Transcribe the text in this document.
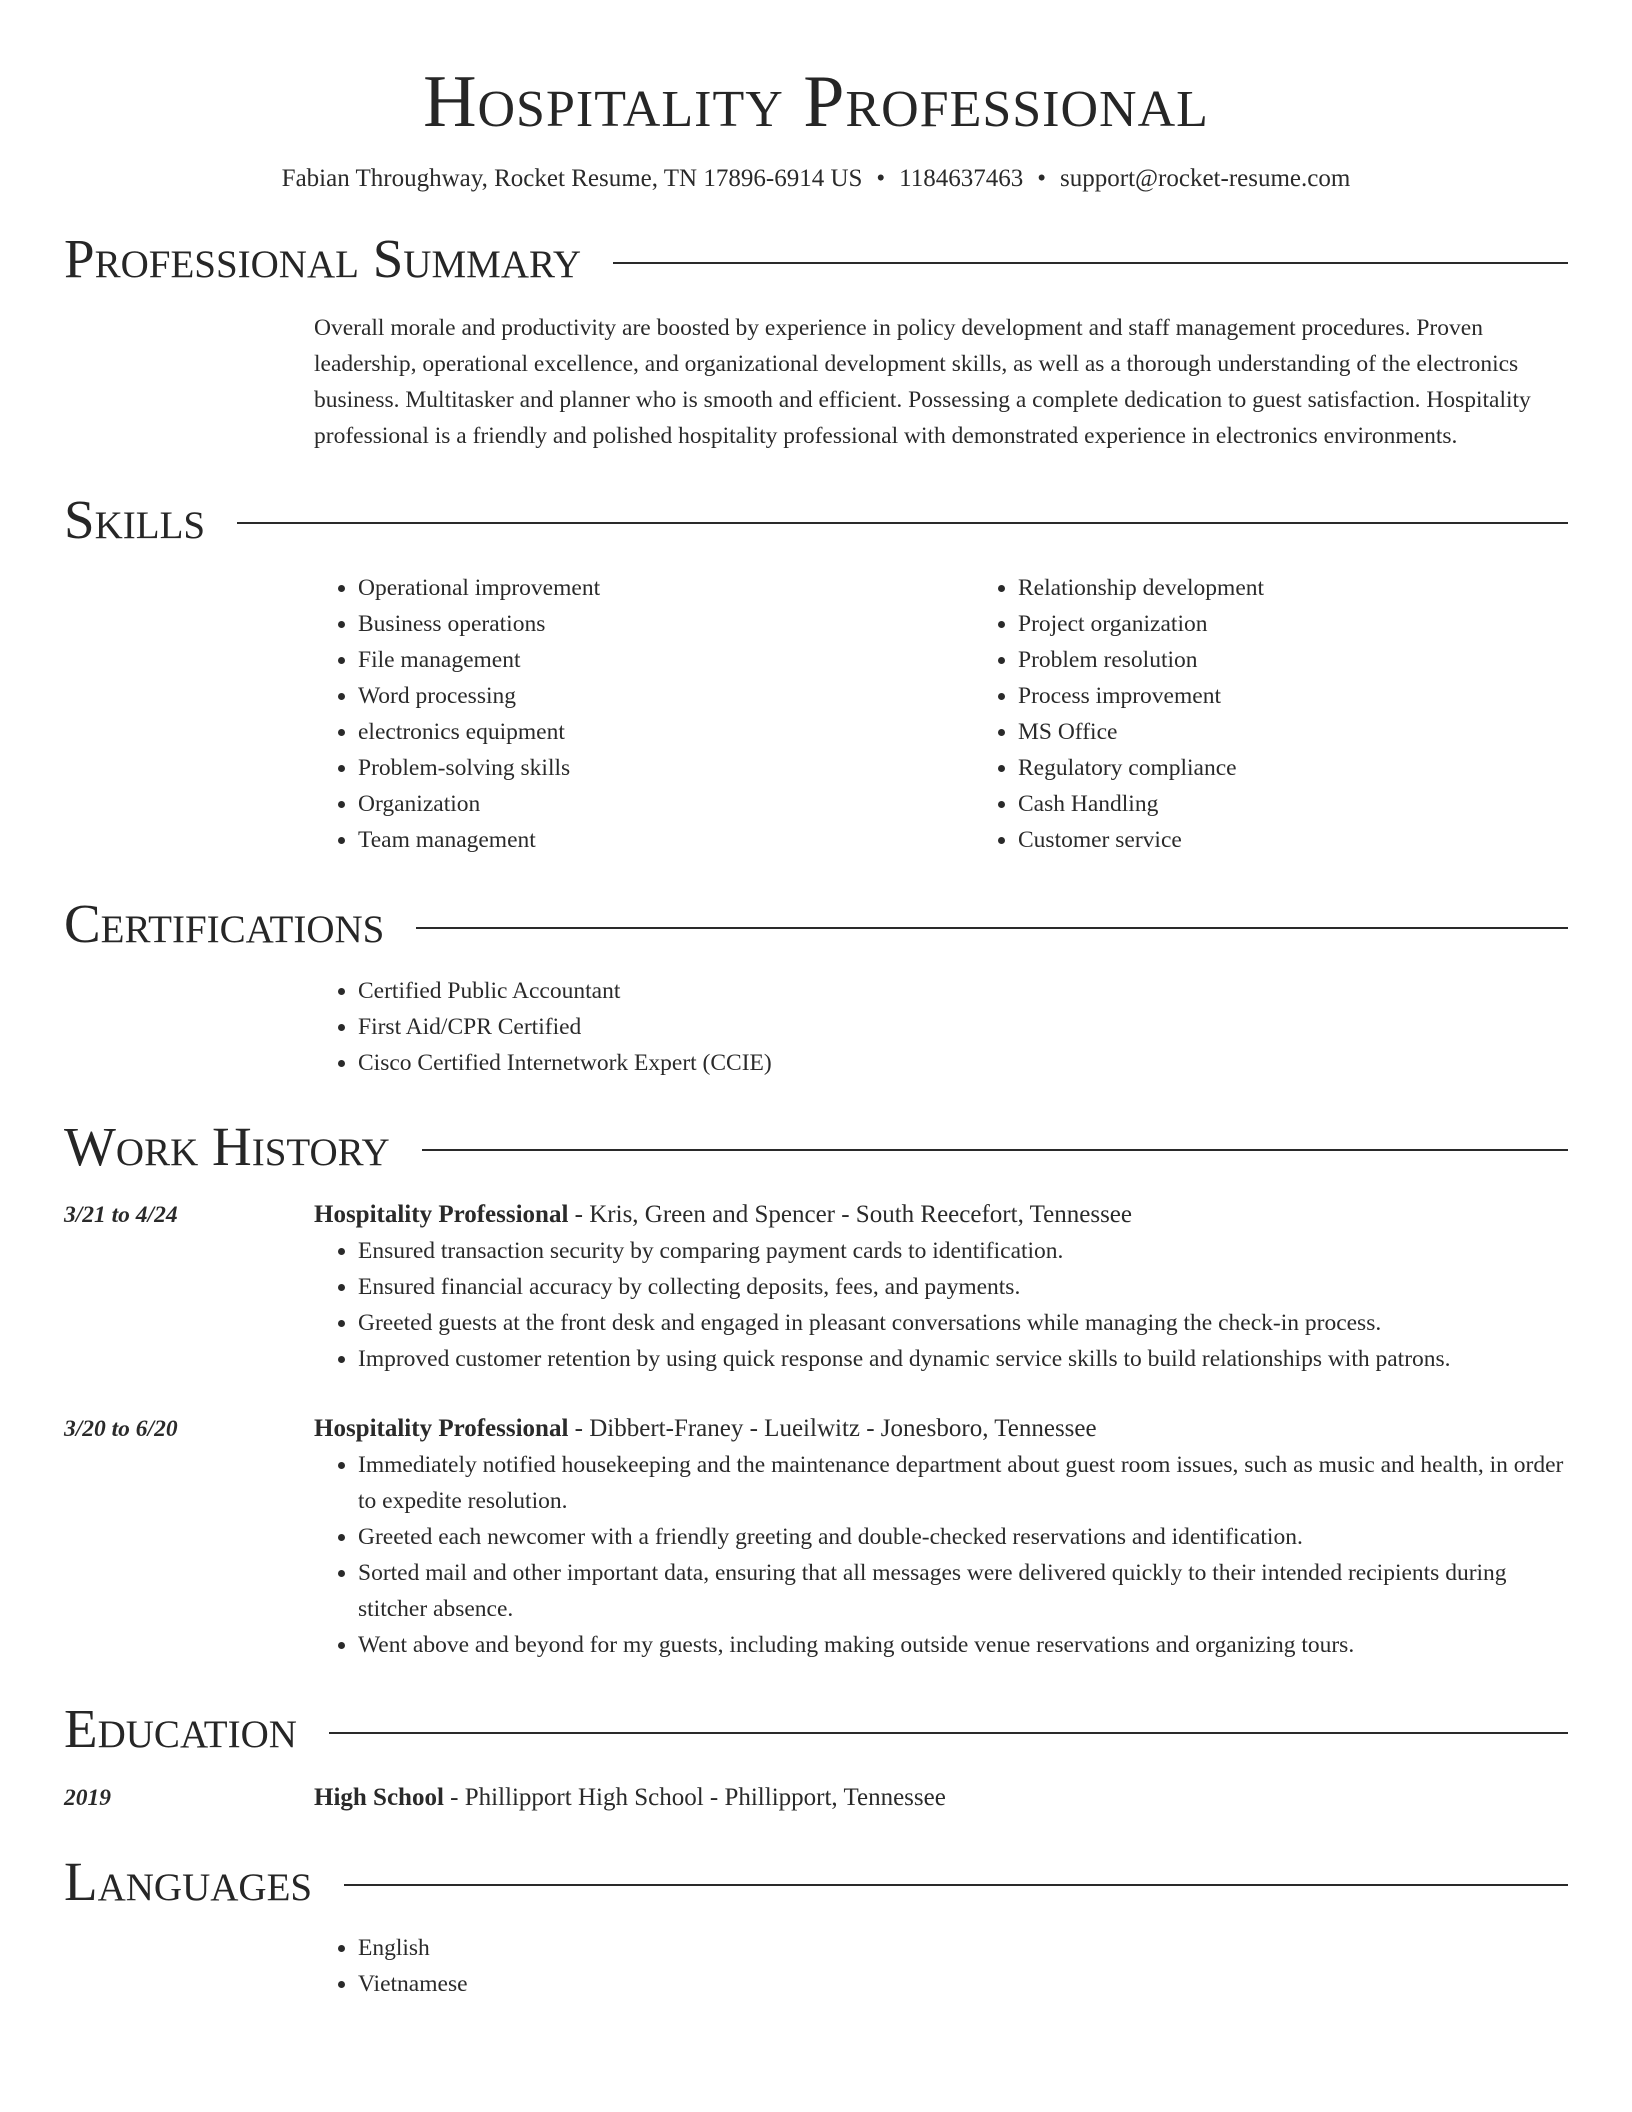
Hospitality Professional
Fabian Throughway, Rocket Resume, TN 17896-6914 US • 1184637463 • support@rocket-resume.com
Professional Summary

Overall morale and productivity are boosted by experience in policy development and staff management procedures. Proven leadership, operational excellence, and organizational development skills, as well as a thorough understanding of the electronics business. Multitasker and planner who is smooth and efficient. Possessing a complete dedication to guest satisfaction. Hospitality professional is a friendly and polished hospitality professional with demonstrated experience in electronics environments.

Skills
• Operational improvement
• Business operations
• File management
• Word processing
• electronics equipment
• Problem-solving skills
• Organization
• Team management
• Relationship development
• Project organization
• Problem resolution
• Process improvement
• MS Office
• Regulatory compliance
• Cash Handling
• Customer service
Certifications
• Certified Public Accountant
• First Aid/CPR Certified
• Cisco Certified Internetwork Expert (CCIE)
Work History
3/21 to 4/24	Hospitality Professional - Kris, Green and Spencer - South Reecefort, Tennessee
• Ensured transaction security by comparing payment cards to identification.
• Ensured financial accuracy by collecting deposits, fees, and payments.
• Greeted guests at the front desk and engaged in pleasant conversations while managing the check-in process.
• Improved customer retention by using quick response and dynamic service skills to build relationships with patrons.
3/20 to 6/20	Hospitality Professional - Dibbert-Franey - Lueilwitz - Jonesboro, Tennessee
• Immediately notified housekeeping and the maintenance department about guest room issues, such as music and health, in order to expedite resolution.
• Greeted each newcomer with a friendly greeting and double-checked reservations and identification.
• Sorted mail and other important data, ensuring that all messages were delivered quickly to their intended recipients during stitcher absence.
• Went above and beyond for my guests, including making outside venue reservations and organizing tours.
Education
2019	High School - Phillipport High School - Phillipport, Tennessee
Languages
• English
• Vietnamese
